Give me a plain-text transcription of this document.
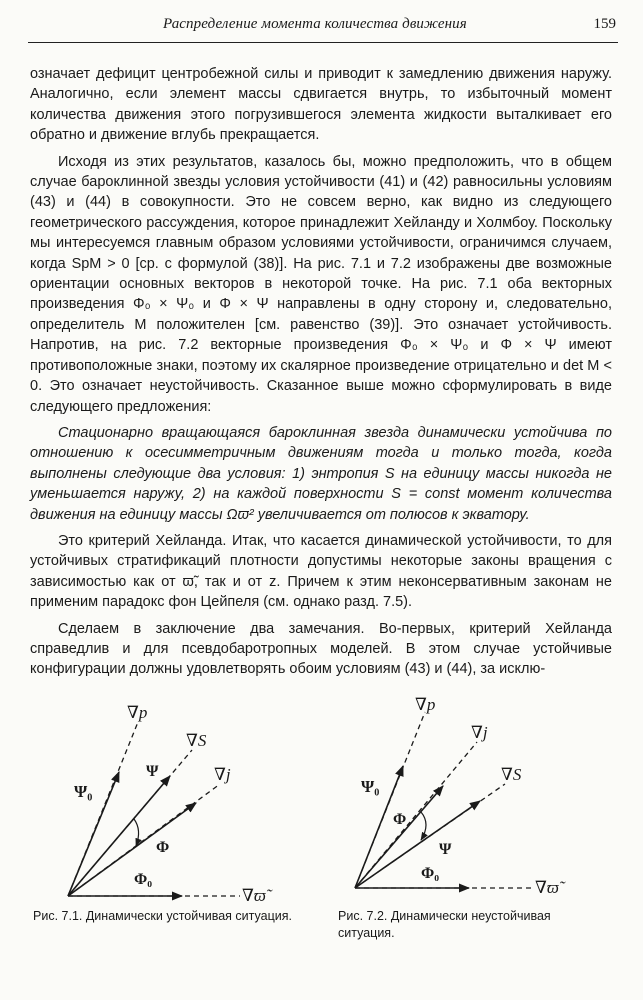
Распределение момента количества движения	159

означает дефицит центробежной силы и приводит к замедлению движения наружу. Аналогично, если элемент массы сдвигается внутрь, то избыточный момент количества движения этого погрузившегося элемента жидкости выталкивает его обратно и движение вглубь прекращается.

Исходя из этих результатов, казалось бы, можно предположить, что в общем случае бароклинной звезды условия устойчивости (41) и (42) равносильны условиям (43) и (44) в совокупности. Это не совсем верно, как видно из следующего геометрического рассуждения, которое принадлежит Хейланду и Холмбоу. Поскольку мы интересуемся главным образом условиями устойчивости, ограничимся случаем, когда SpM > 0 [ср. с формулой (38)]. На рис. 7.1 и 7.2 изображены две возможные ориентации основных векторов в некоторой точке. На рис. 7.1 оба векторных произведения Φ₀ × Ψ₀ и Φ × Ψ направлены в одну сторону и, следовательно, определитель M положителен [см. равенство (39)]. Это означает устойчивость. Напротив, на рис. 7.2 векторные произведения Φ₀ × Ψ₀ и Φ × Ψ имеют противоположные знаки, поэтому их скалярное произведение отрицательно и det M < 0. Это означает неустойчивость. Сказанное выше можно сформулировать в виде следующего предложения:

Стационарно вращающаяся бароклинная звезда динамически устойчива по отношению к осесимметричным движениям тогда и только тогда, когда выполнены следующие два условия: 1) энтропия S на единицу массы никогда не уменьшается наружу, 2) на каждой поверхности S = const момент количества движения на единицу массы Ωϖ² увеличивается от полюсов к экватору.

Это критерий Хейланда. Итак, что касается динамической устойчивости, то для устойчивых стратификаций плотности допустимы некоторые законы вращения с зависимостью как от ϖ̃, так и от z. Причем к этим неконсервативным законам не применим парадокс фон Цейпеля (см. однако разд. 7.5).

Сделаем в заключение два замечания. Во-первых, критерий Хейланда справедлив и для псевдобаротропных моделей. В этом случае устойчивые конфигурации должны удовлетворять обоим условиям (43) и (44), за исклю-

∇p
∇S
∇j
Ψ₀
Ψ
Φ
Φ₀
∇ϖ̃
Рис. 7.1. Динамически устойчивая ситуация.
∇p
∇j
∇S
Ψ₀
Φ
Ψ
Φ₀
∇ϖ̃
Рис. 7.2. Динамически неустойчивая ситуация.
